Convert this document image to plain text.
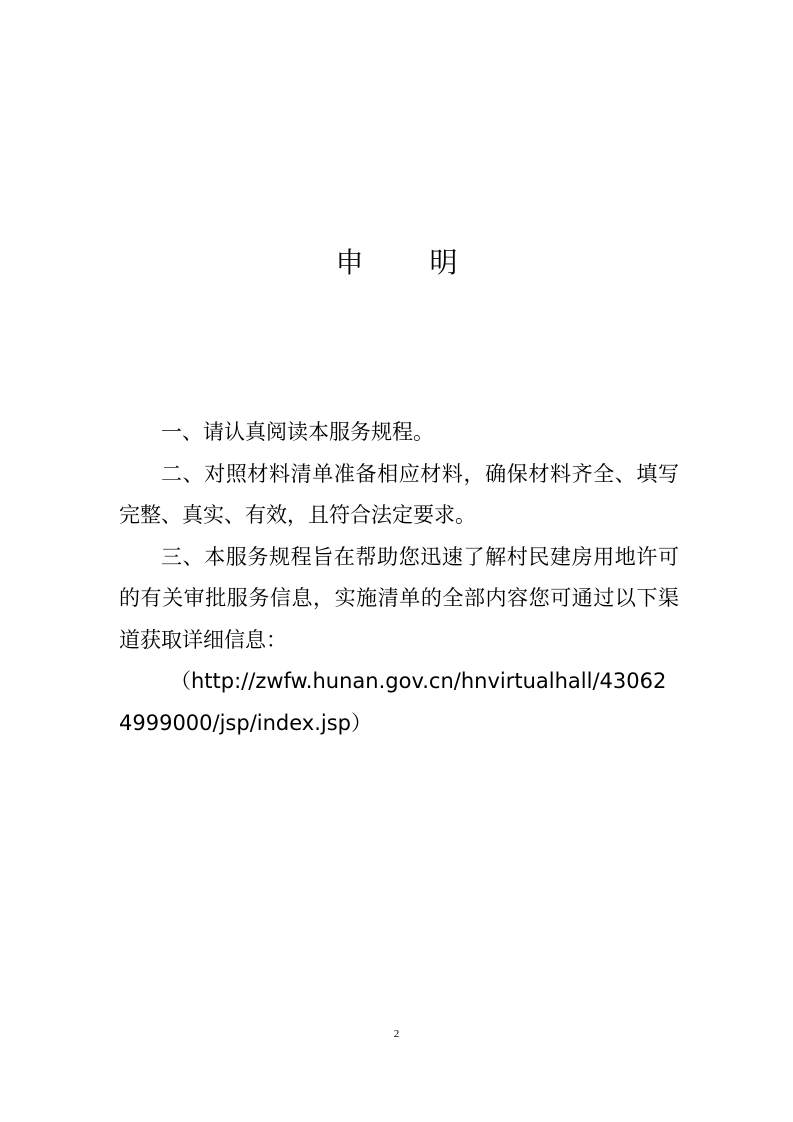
申 明

一、请认真阅读本服务规程。

二、对照材料清单准备相应材料，确保材料齐全、填写完整、真实、有效，且符合法定要求。

三、本服务规程旨在帮助您迅速了解村民建房用地许可的有关审批服务信息，实施清单的全部内容您可通过以下渠道获取详细信息：

（http://zwfw.hunan.gov.cn/hnvirtualhall/430624999000/jsp/index.jsp）

2
